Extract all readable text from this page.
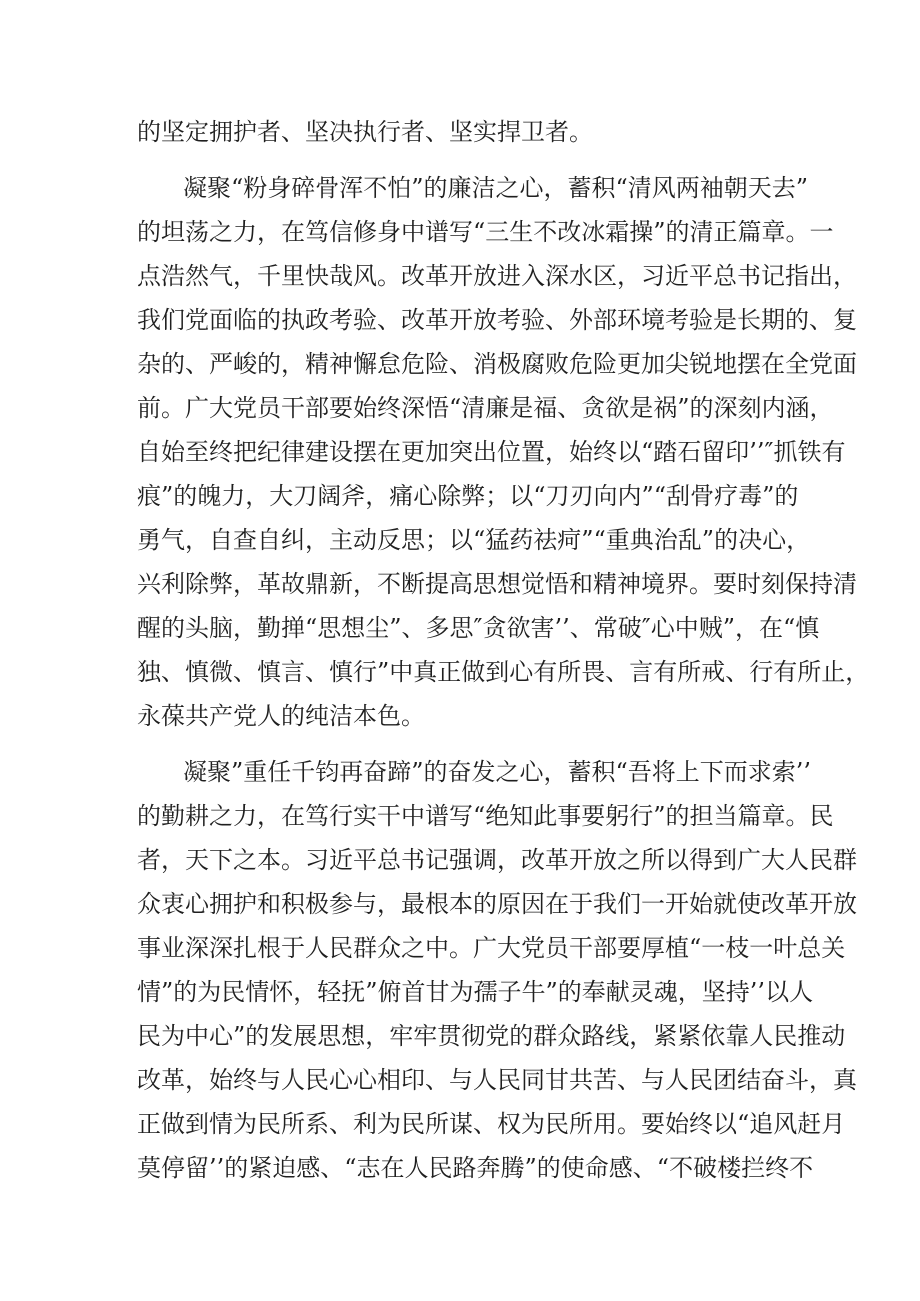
的坚定拥护者、坚决执行者、坚实捍卫者。
凝聚“粉身碎骨浑不怕”的廉洁之心，蓄积“清风两袖朝天去”
的坦荡之力，在笃信修身中谱写“三生不改冰霜操”的清正篇章。一
点浩然气，千里快哉风。改革开放进入深水区，习近平总书记指出，
我们党面临的执政考验、改革开放考验、外部环境考验是长期的、复
杂的、严峻的，精神懈怠危险、消极腐败危险更加尖锐地摆在全党面
前。广大党员干部要始终深悟“清廉是福、贪欲是祸”的深刻内涵，
自始至终把纪律建设摆在更加突出位置，始终以“踏石留印’’″抓铁有
痕”的魄力，大刀阔斧，痛心除弊；以“刀刃向内”“刮骨疗毒”的
勇气，自查自纠，主动反思；以“猛药祛疴”“重典治乱”的决心，
兴利除弊，革故鼎新，不断提高思想觉悟和精神境界。要时刻保持清
醒的头脑，勤掸“思想尘”、多思″贪欲害’’、常破″心中贼”，在“慎
独、慎微、慎言、慎行”中真正做到心有所畏、言有所戒、行有所止，
永葆共产党人的纯洁本色。
凝聚”重任千钧再奋蹄”的奋发之心，蓄积“吾将上下而求索’’
的勤耕之力，在笃行实干中谱写“绝知此事要躬行”的担当篇章。民
者，天下之本。习近平总书记强调，改革开放之所以得到广大人民群
众衷心拥护和积极参与，最根本的原因在于我们一开始就使改革开放
事业深深扎根于人民群众之中。广大党员干部要厚植“一枝一叶总关
情”的为民情怀，轻抚”俯首甘为孺子牛”的奉献灵魂，坚持’’以人
民为中心”的发展思想，牢牢贯彻党的群众路线，紧紧依靠人民推动
改革，始终与人民心心相印、与人民同甘共苦、与人民团结奋斗，真
正做到情为民所系、利为民所谋、权为民所用。要始终以“追风赶月
莫停留’’的紧迫感、“志在人民路奔腾”的使命感、“不破楼拦终不
